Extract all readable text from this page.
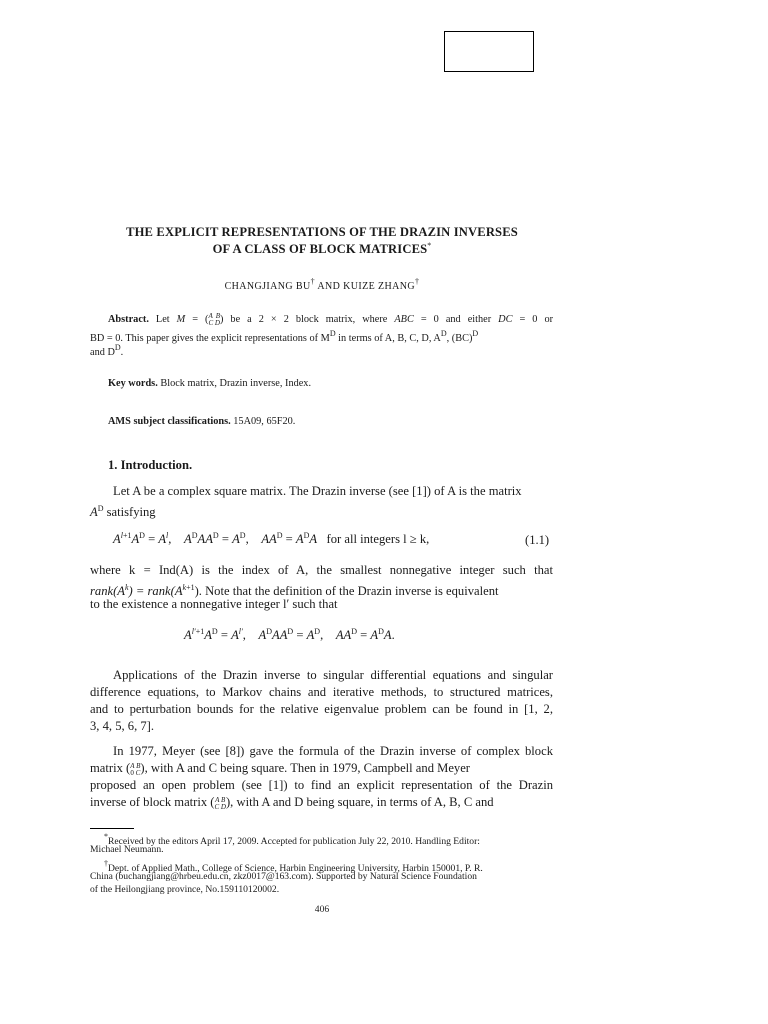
THE EXPLICIT REPRESENTATIONS OF THE DRAZIN INVERSES
OF A CLASS OF BLOCK MATRICES*
CHANGJIANG BU† AND KUIZE ZHANG†
Abstract. Let M = (A B
C D) be a 2 × 2 block matrix, where ABC = 0 and either DC = 0 or
BD = 0. This paper gives the explicit representations of $M^D$ in terms of A, B, C, D, $A^D$, (BC)$^D$
and $D^D$.
Key words. Block matrix, Drazin inverse, Index.
AMS subject classifications. 15A09, 65F20.
1. Introduction.
Let A be a complex square matrix. The Drazin inverse (see [1]) of A is the matrix
$A^D$ satisfying
$A^{l+1}A^D = A^l$,    $A^DAA^D = A^D$,    $AA^D = A^DA$ for all integers l ≥ k,	(1.1)
where k = Ind(A) is the index of A, the smallest nonnegative integer such that
$rank(A^k)$ = $rank(A^{k+1})$. Note that the definition of the Drazin inverse is equivalent
to the existence a nonnegative integer l′ such that
$A^{l'+1}A^D = A^{l'}$,    $A^DAA^D = A^D$,    $AA^D = A^DA$.
Applications of the Drazin inverse to singular differential equations and singular
difference equations, to Markov chains and iterative methods, to structured matrices,
and to perturbation bounds for the relative eigenvalue problem can be found in [1, 2,
3, 4, 5, 6, 7].
In 1977, Meyer (see [8]) gave the formula of the Drazin inverse of complex block
matrix (A B
0 C), with A and C being square. Then in 1979, Campbell and Meyer
proposed an open problem (see [1]) to find an explicit representation of the Drazin
inverse of block matrix (A B
C D), with A and D being square, in terms of A, B, C and
*Received by the editors April 17, 2009. Accepted for publication July 22, 2010. Handling Editor:
Michael Neumann.
†Dept. of Applied Math., College of Science, Harbin Engineering University, Harbin 150001, P. R.
China (buchangjiang@hrbeu.edu.cn, zkz0017@163.com). Supported by Natural Science Foundation
of the Heilongjiang province, No.159110120002.
406
